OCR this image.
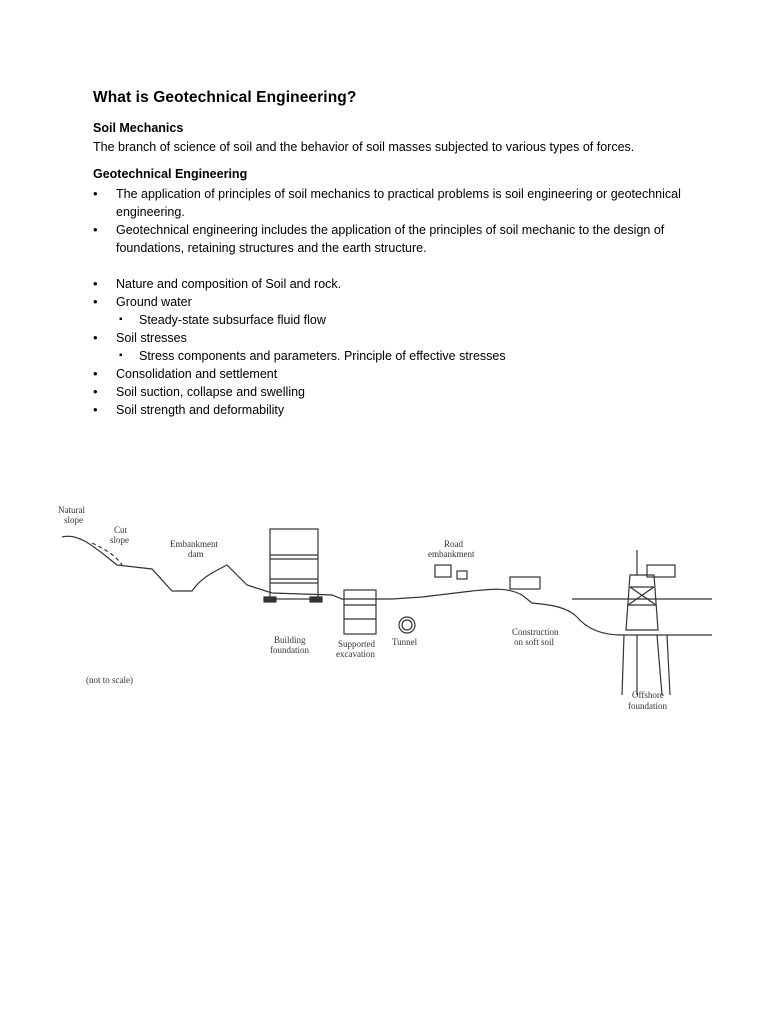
What is Geotechnical Engineering?

Soil Mechanics

The branch of science of soil and the behavior of soil masses subjected to various types of forces.

Geotechnical Engineering

• The application of principles of soil mechanics to practical problems is soil engineering or geotechnical engineering.
• Geotechnical engineering includes the application of the principles of soil mechanic to the design of foundations, retaining structures and the earth structure.
• Nature and composition of Soil and rock.
• Ground water
▪ Steady-state subsurface fluid flow
• Soil stresses
▪ Stress components and parameters. Principle of effective stresses
• Consolidation and settlement
• Soil suction, collapse and swelling
• Soil strength and deformability
Natural
slope
Cut
slope	Embankment
dam
Building
foundation
Supported
excavation
Tunnel
Road
embankment
Construction
on soft soil
Offshore
foundation
(not to scale)
